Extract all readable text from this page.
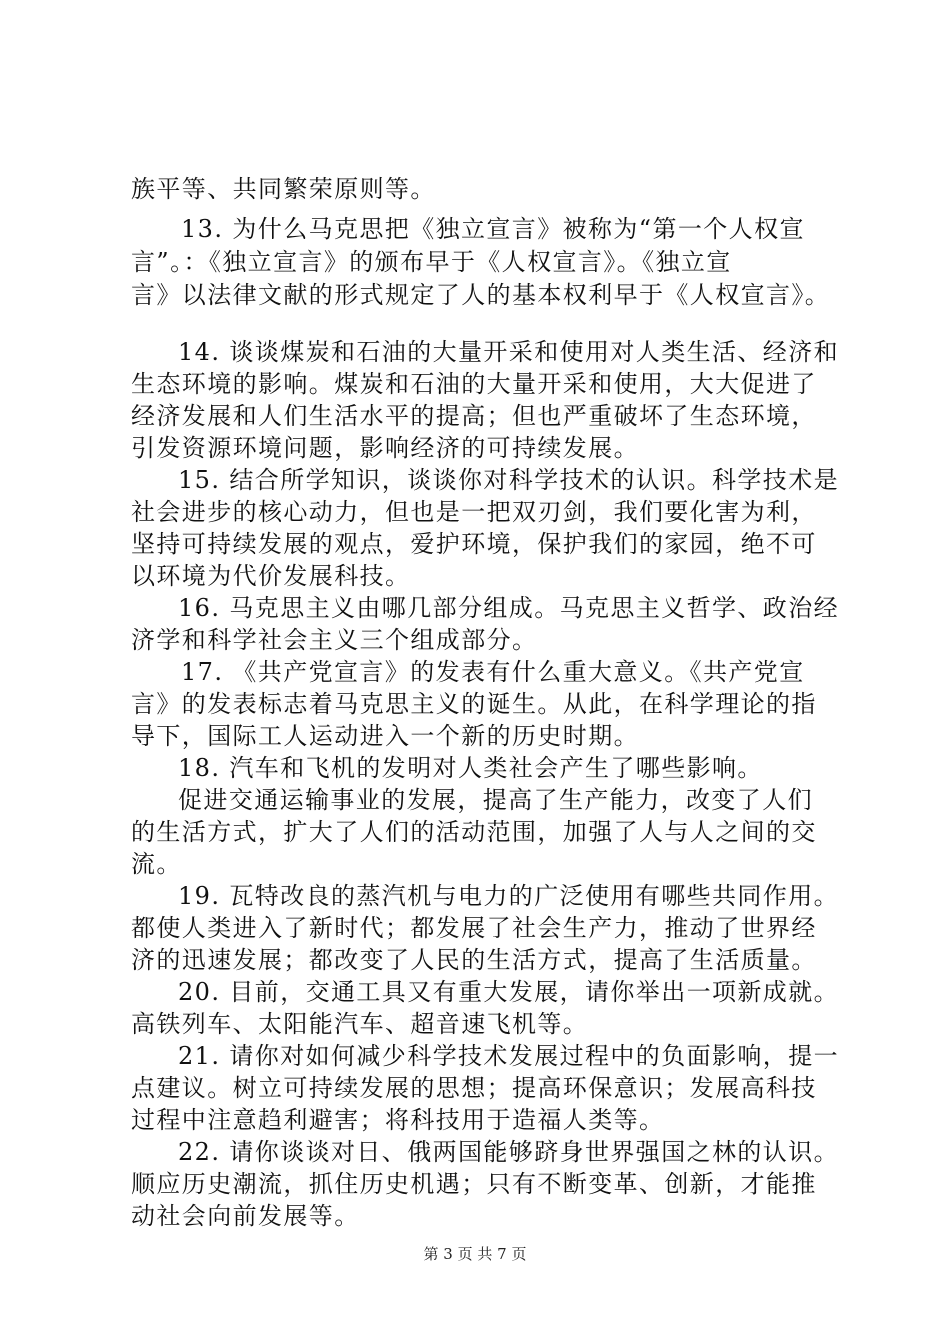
族平等、共同繁荣原则等。
13. 为什么马克思把《独立宣言》被称为“第一个人权宣
言”。：《独立宣言》的颁布早于《人权宣言》。《独立宣
言》以法律文献的形式规定了人的基本权利早于《人权宣言》。
14. 谈谈煤炭和石油的大量开采和使用对人类生活、经济和
生态环境的影响。煤炭和石油的大量开采和使用，大大促进了
经济发展和人们生活水平的提高；但也严重破坏了生态环境，
引发资源环境问题，影响经济的可持续发展。
15. 结合所学知识，谈谈你对科学技术的认识。科学技术是
社会进步的核心动力，但也是一把双刃剑，我们要化害为利，
坚持可持续发展的观点，爱护环境，保护我们的家园，绝不可
以环境为代价发展科技。
16. 马克思主义由哪几部分组成。马克思主义哲学、政治经
济学和科学社会主义三个组成部分。
17. 《共产党宣言》的发表有什么重大意义。《共产党宣
言》的发表标志着马克思主义的诞生。从此，在科学理论的指
导下，国际工人运动进入一个新的历史时期。
18. 汽车和飞机的发明对人类社会产生了哪些影响。
促进交通运输事业的发展，提高了生产能力，改变了人们
的生活方式，扩大了人们的活动范围，加强了人与人之间的交
流。
19. 瓦特改良的蒸汽机与电力的广泛使用有哪些共同作用。
都使人类进入了新时代；都发展了社会生产力，推动了世界经
济的迅速发展；都改变了人民的生活方式，提高了生活质量。
20. 目前，交通工具又有重大发展，请你举出一项新成就。
高铁列车、太阳能汽车、超音速飞机等。
21. 请你对如何减少科学技术发展过程中的负面影响，提一
点建议。树立可持续发展的思想；提高环保意识；发展高科技
过程中注意趋利避害；将科技用于造福人类等。
22. 请你谈谈对日、俄两国能够跻身世界强国之林的认识。
顺应历史潮流，抓住历史机遇；只有不断变革、创新，才能推
动社会向前发展等。
第 3 页 共 7 页
